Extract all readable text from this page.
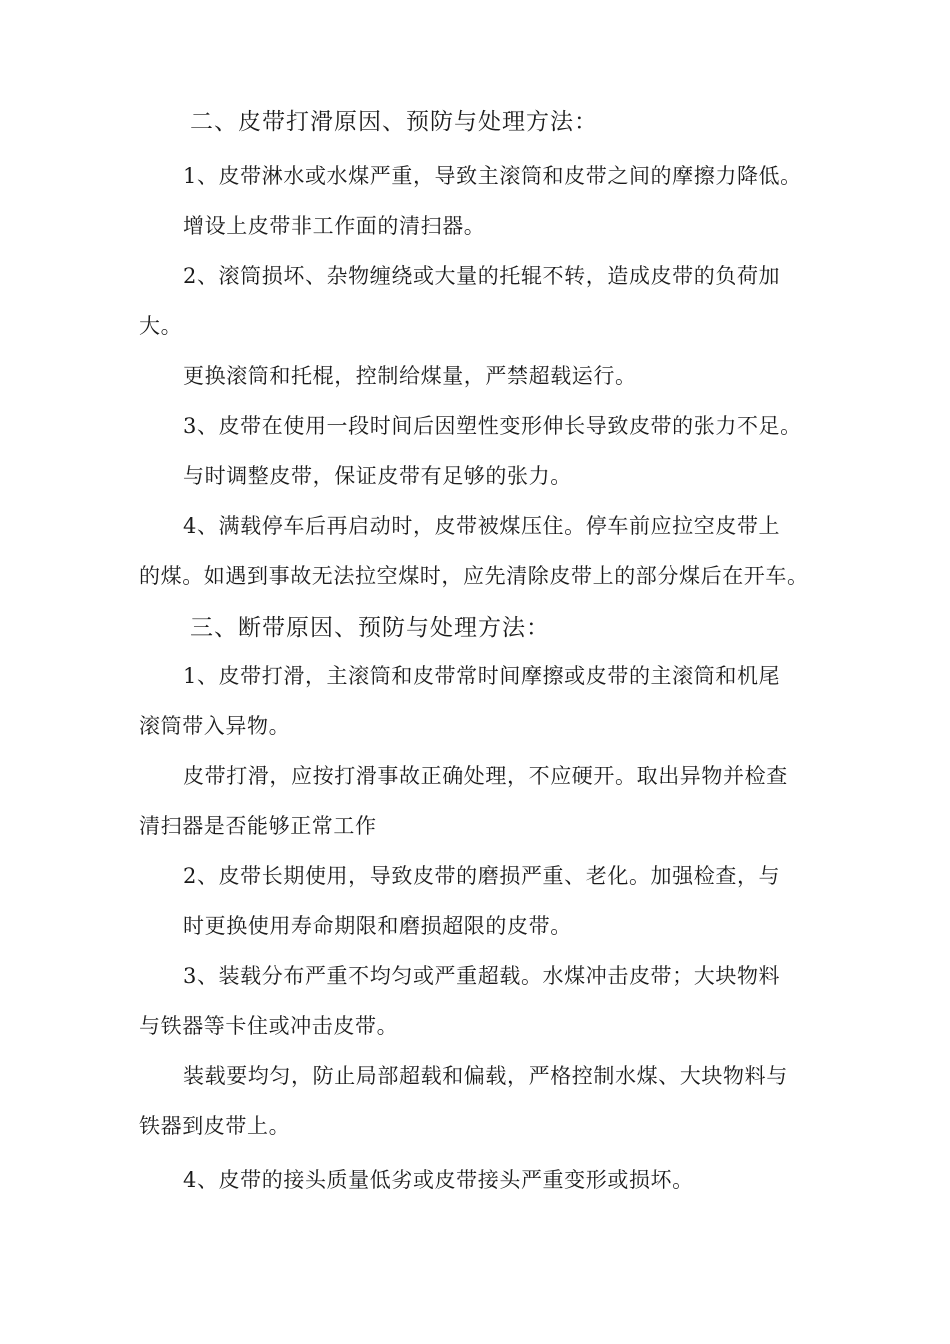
二、皮带打滑原因、预防与处理方法：
1、皮带淋水或水煤严重，导致主滚筒和皮带之间的摩擦力降低。
增设上皮带非工作面的清扫器。
2、滚筒损坏、杂物缠绕或大量的托辊不转，造成皮带的负荷加
大。
更换滚筒和托棍，控制给煤量，严禁超载运行。
3、皮带在使用一段时间后因塑性变形伸长导致皮带的张力不足。
与时调整皮带，保证皮带有足够的张力。
4、满载停车后再启动时，皮带被煤压住。停车前应拉空皮带上
的煤。如遇到事故无法拉空煤时，应先清除皮带上的部分煤后在开车。
三、断带原因、预防与处理方法：
1、皮带打滑，主滚筒和皮带常时间摩擦或皮带的主滚筒和机尾
滚筒带入异物。
皮带打滑，应按打滑事故正确处理，不应硬开。取出异物并检查
清扫器是否能够正常工作
2、皮带长期使用，导致皮带的磨损严重、老化。加强检查，与
时更换使用寿命期限和磨损超限的皮带。
3、装载分布严重不均匀或严重超载。水煤冲击皮带；大块物料
与铁器等卡住或冲击皮带。
装载要均匀，防止局部超载和偏载，严格控制水煤、大块物料与
铁器到皮带上。
4、皮带的接头质量低劣或皮带接头严重变形或损坏。
